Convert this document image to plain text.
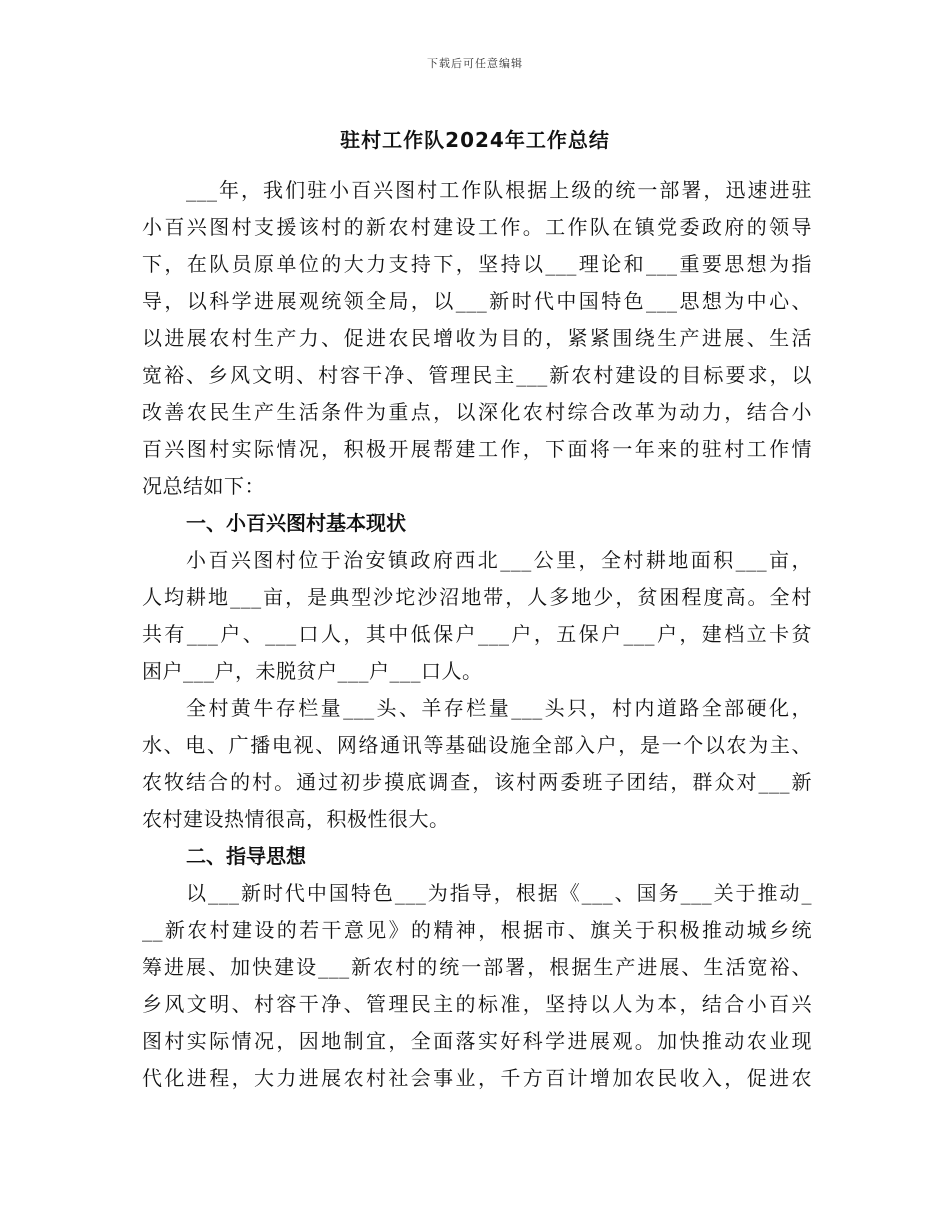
下载后可任意编辑
驻村工作队2024年工作总结
___年，我们驻小百兴图村工作队根据上级的统一部署，迅速进驻
小百兴图村支援该村的新农村建设工作。工作队在镇党委政府的领导
下，在队员原单位的大力支持下，坚持以___理论和___重要思想为指
导，以科学进展观统领全局，以___新时代中国特色___思想为中心、
以进展农村生产力、促进农民增收为目的，紧紧围绕生产进展、生活
宽裕、乡风文明、村容干净、管理民主___新农村建设的目标要求，以
改善农民生产生活条件为重点，以深化农村综合改革为动力，结合小
百兴图村实际情况，积极开展帮建工作，下面将一年来的驻村工作情
况总结如下：
一、小百兴图村基本现状
小百兴图村位于治安镇政府西北___公里，全村耕地面积___亩，
人均耕地___亩，是典型沙坨沙沼地带，人多地少，贫困程度高。全村
共有___户、___口人，其中低保户___户，五保户___户，建档立卡贫
困户___户，未脱贫户___户___口人。
全村黄牛存栏量___头、羊存栏量___头只，村内道路全部硬化，
水、电、广播电视、网络通讯等基础设施全部入户，是一个以农为主、
农牧结合的村。通过初步摸底调查，该村两委班子团结，群众对___新
农村建设热情很高，积极性很大。
二、指导思想
以___新时代中国特色___为指导，根据《___、国务___关于推动_
__新农村建设的若干意见》的精神，根据市、旗关于积极推动城乡统
筹进展、加快建设___新农村的统一部署，根据生产进展、生活宽裕、
乡风文明、村容干净、管理民主的标准，坚持以人为本，结合小百兴
图村实际情况，因地制宜，全面落实好科学进展观。加快推动农业现
代化进程，大力进展农村社会事业，千方百计增加农民收入，促进农
